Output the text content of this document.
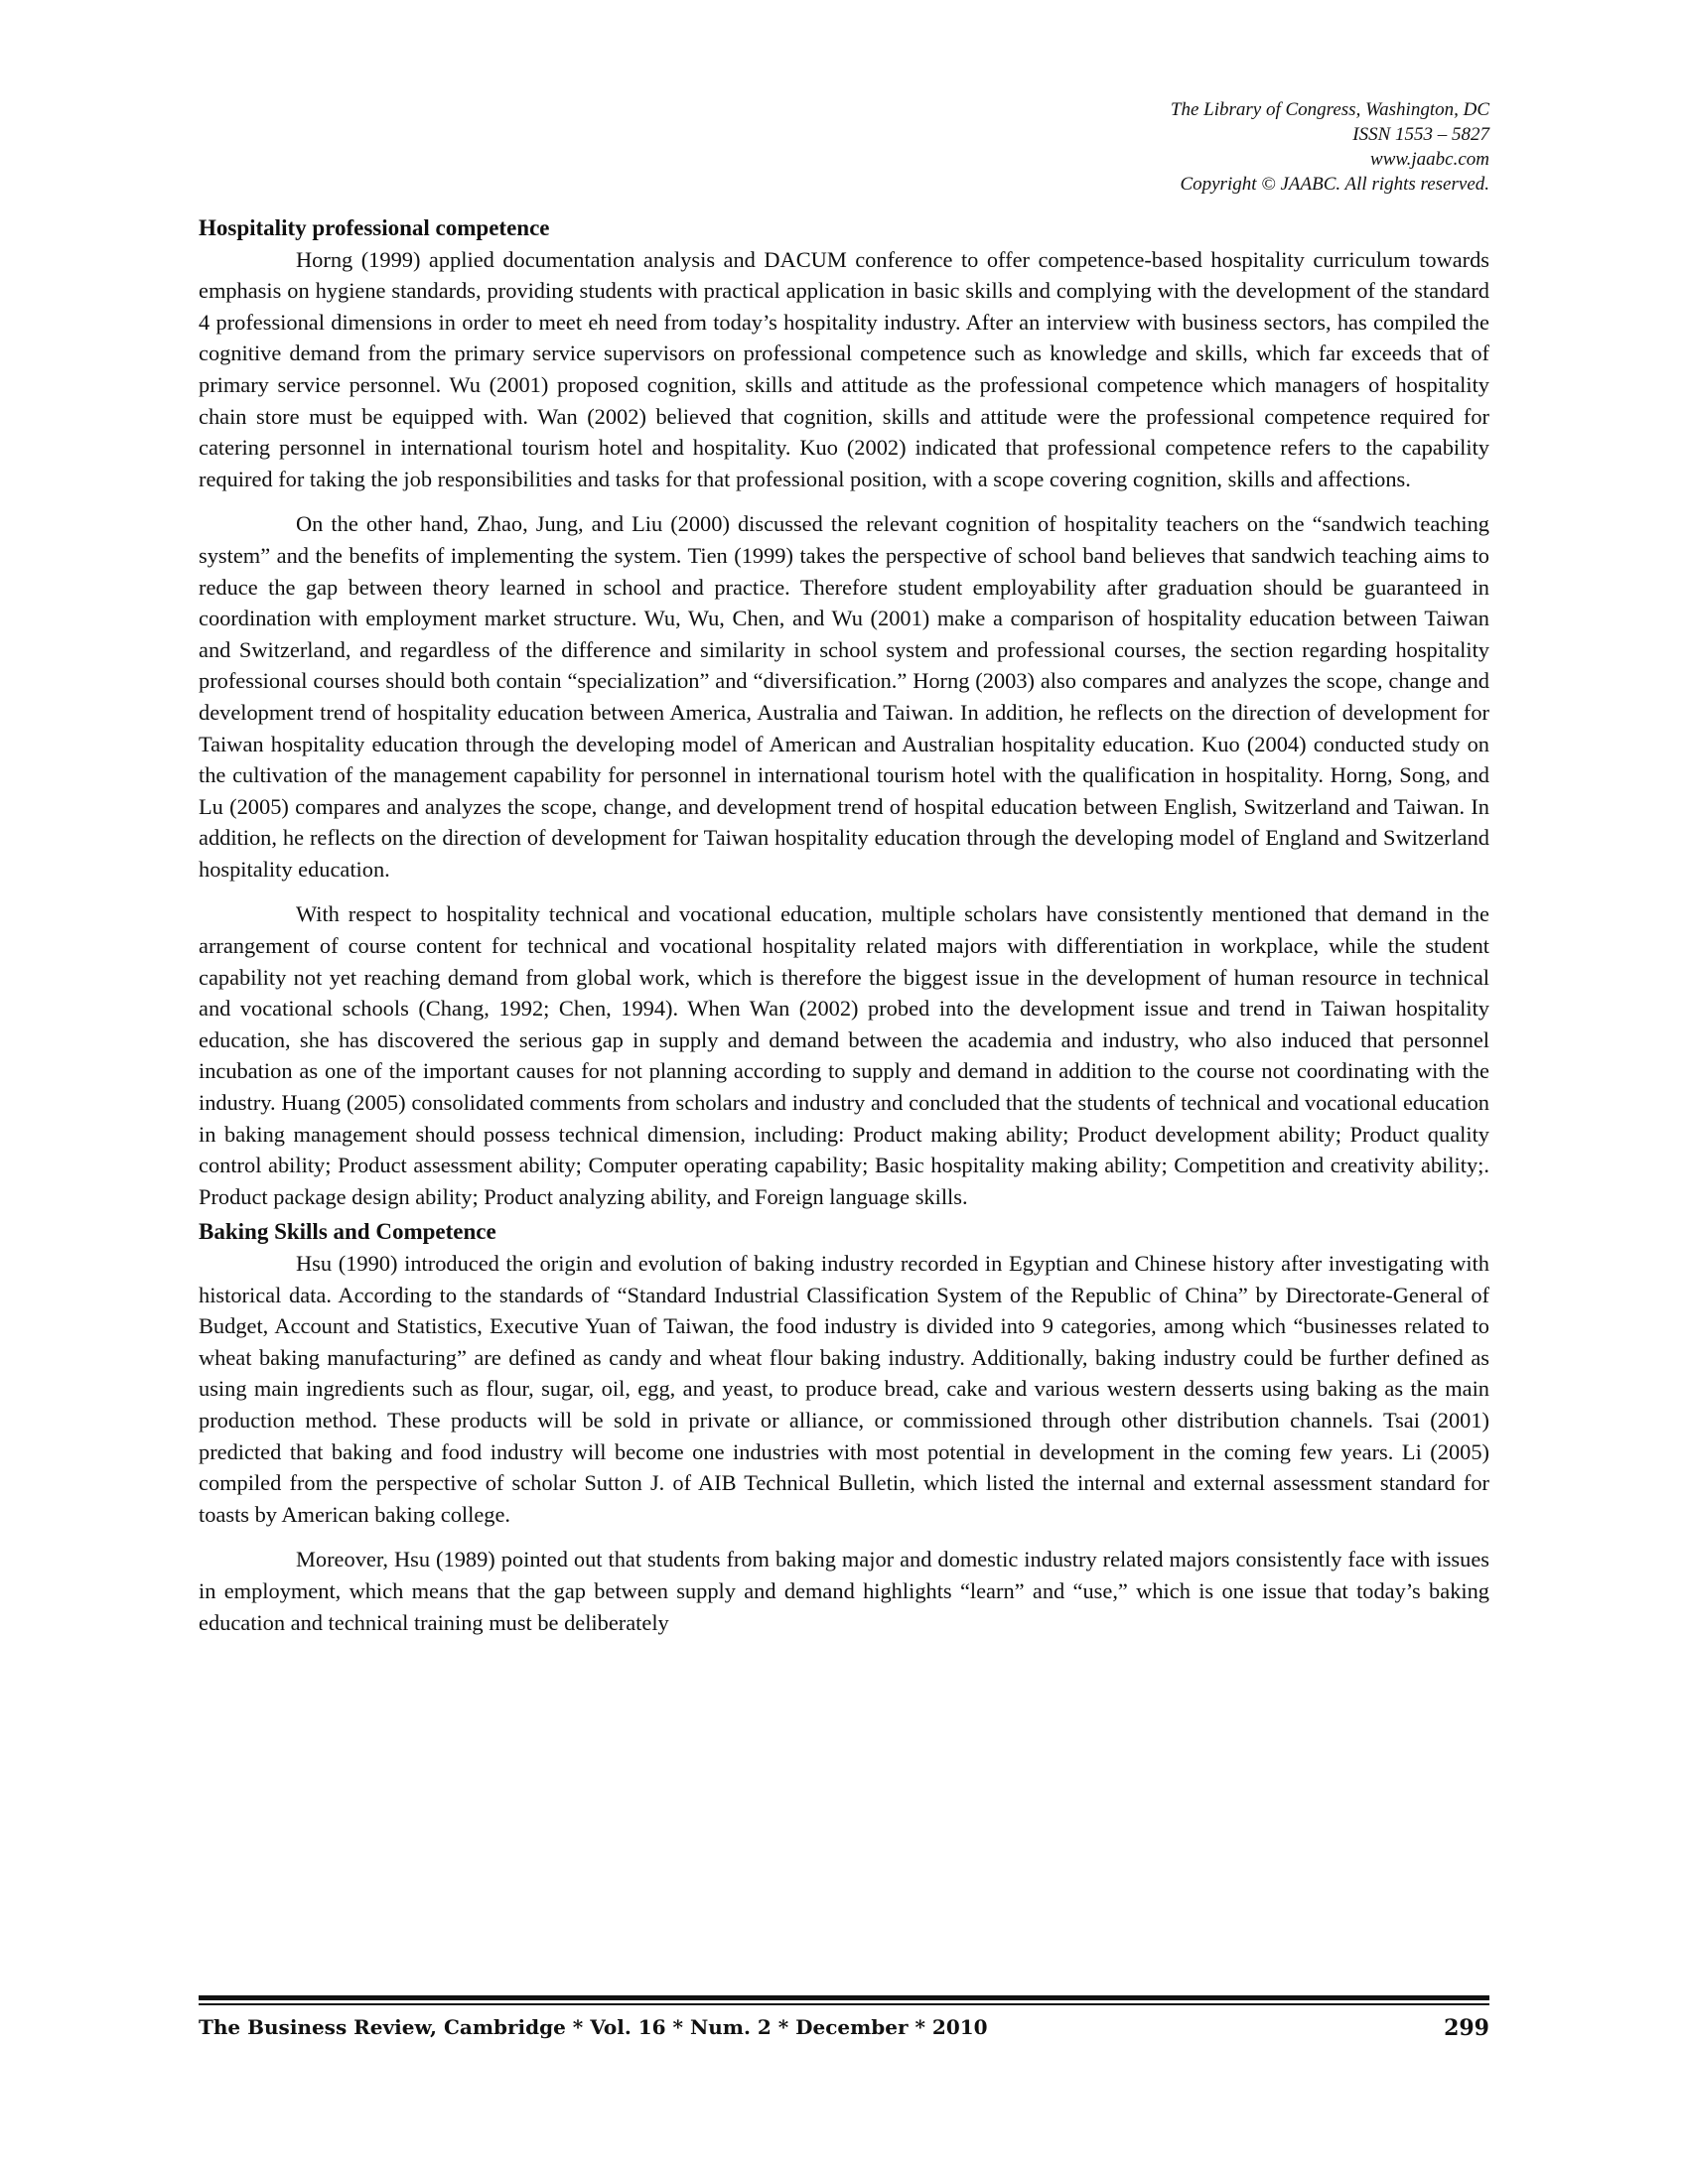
The Library of Congress, Washington, DC
ISSN 1553 – 5827
www.jaabc.com
Copyright © JAABC. All rights reserved.
Hospitality professional competence

Horng (1999) applied documentation analysis and DACUM conference to offer competence-based hospitality curriculum towards emphasis on hygiene standards, providing students with practical application in basic skills and complying with the development of the standard 4 professional dimensions in order to meet eh need from today’s hospitality industry. After an interview with business sectors, has compiled the cognitive demand from the primary service supervisors on professional competence such as knowledge and skills, which far exceeds that of primary service personnel. Wu (2001) proposed cognition, skills and attitude as the professional competence which managers of hospitality chain store must be equipped with. Wan (2002) believed that cognition, skills and attitude were the professional competence required for catering personnel in international tourism hotel and hospitality. Kuo (2002) indicated that professional competence refers to the capability required for taking the job responsibilities and tasks for that professional position, with a scope covering cognition, skills and affections.

On the other hand, Zhao, Jung, and Liu (2000) discussed the relevant cognition of hospitality teachers on the “sandwich teaching system” and the benefits of implementing the system. Tien (1999) takes the perspective of school band believes that sandwich teaching aims to reduce the gap between theory learned in school and practice. Therefore student employability after graduation should be guaranteed in coordination with employment market structure. Wu, Wu, Chen, and Wu (2001) make a comparison of hospitality education between Taiwan and Switzerland, and regardless of the difference and similarity in school system and professional courses, the section regarding hospitality professional courses should both contain “specialization” and “diversification.” Horng (2003) also compares and analyzes the scope, change and development trend of hospitality education between America, Australia and Taiwan. In addition, he reflects on the direction of development for Taiwan hospitality education through the developing model of American and Australian hospitality education. Kuo (2004) conducted study on the cultivation of the management capability for personnel in international tourism hotel with the qualification in hospitality. Horng, Song, and Lu (2005) compares and analyzes the scope, change, and development trend of hospital education between English, Switzerland and Taiwan. In addition, he reflects on the direction of development for Taiwan hospitality education through the developing model of England and Switzerland hospitality education.

With respect to hospitality technical and vocational education, multiple scholars have consistently mentioned that demand in the arrangement of course content for technical and vocational hospitality related majors with differentiation in workplace, while the student capability not yet reaching demand from global work, which is therefore the biggest issue in the development of human resource in technical and vocational schools (Chang, 1992; Chen, 1994). When Wan (2002) probed into the development issue and trend in Taiwan hospitality education, she has discovered the serious gap in supply and demand between the academia and industry, who also induced that personnel incubation as one of the important causes for not planning according to supply and demand in addition to the course not coordinating with the industry. Huang (2005) consolidated comments from scholars and industry and concluded that the students of technical and vocational education in baking management should possess technical dimension, including: Product making ability; Product development ability; Product quality control ability; Product assessment ability; Computer operating capability; Basic hospitality making ability; Competition and creativity ability;. Product package design ability; Product analyzing ability, and Foreign language skills.

Baking Skills and Competence

Hsu (1990) introduced the origin and evolution of baking industry recorded in Egyptian and Chinese history after investigating with historical data. According to the standards of “Standard Industrial Classification System of the Republic of China” by Directorate-General of Budget, Account and Statistics, Executive Yuan of Taiwan, the food industry is divided into 9 categories, among which “businesses related to wheat baking manufacturing” are defined as candy and wheat flour baking industry. Additionally, baking industry could be further defined as using main ingredients such as flour, sugar, oil, egg, and yeast, to produce bread, cake and various western desserts using baking as the main production method. These products will be sold in private or alliance, or commissioned through other distribution channels. Tsai (2001) predicted that baking and food industry will become one industries with most potential in development in the coming few years. Li (2005) compiled from the perspective of scholar Sutton J. of AIB Technical Bulletin, which listed the internal and external assessment standard for toasts by American baking college.

Moreover, Hsu (1989) pointed out that students from baking major and domestic industry related majors consistently face with issues in employment, which means that the gap between supply and demand highlights “learn” and “use,” which is one issue that today’s baking education and technical training must be deliberately

The Business Review, Cambridge * Vol. 16 * Num. 2 * December * 2010	299
